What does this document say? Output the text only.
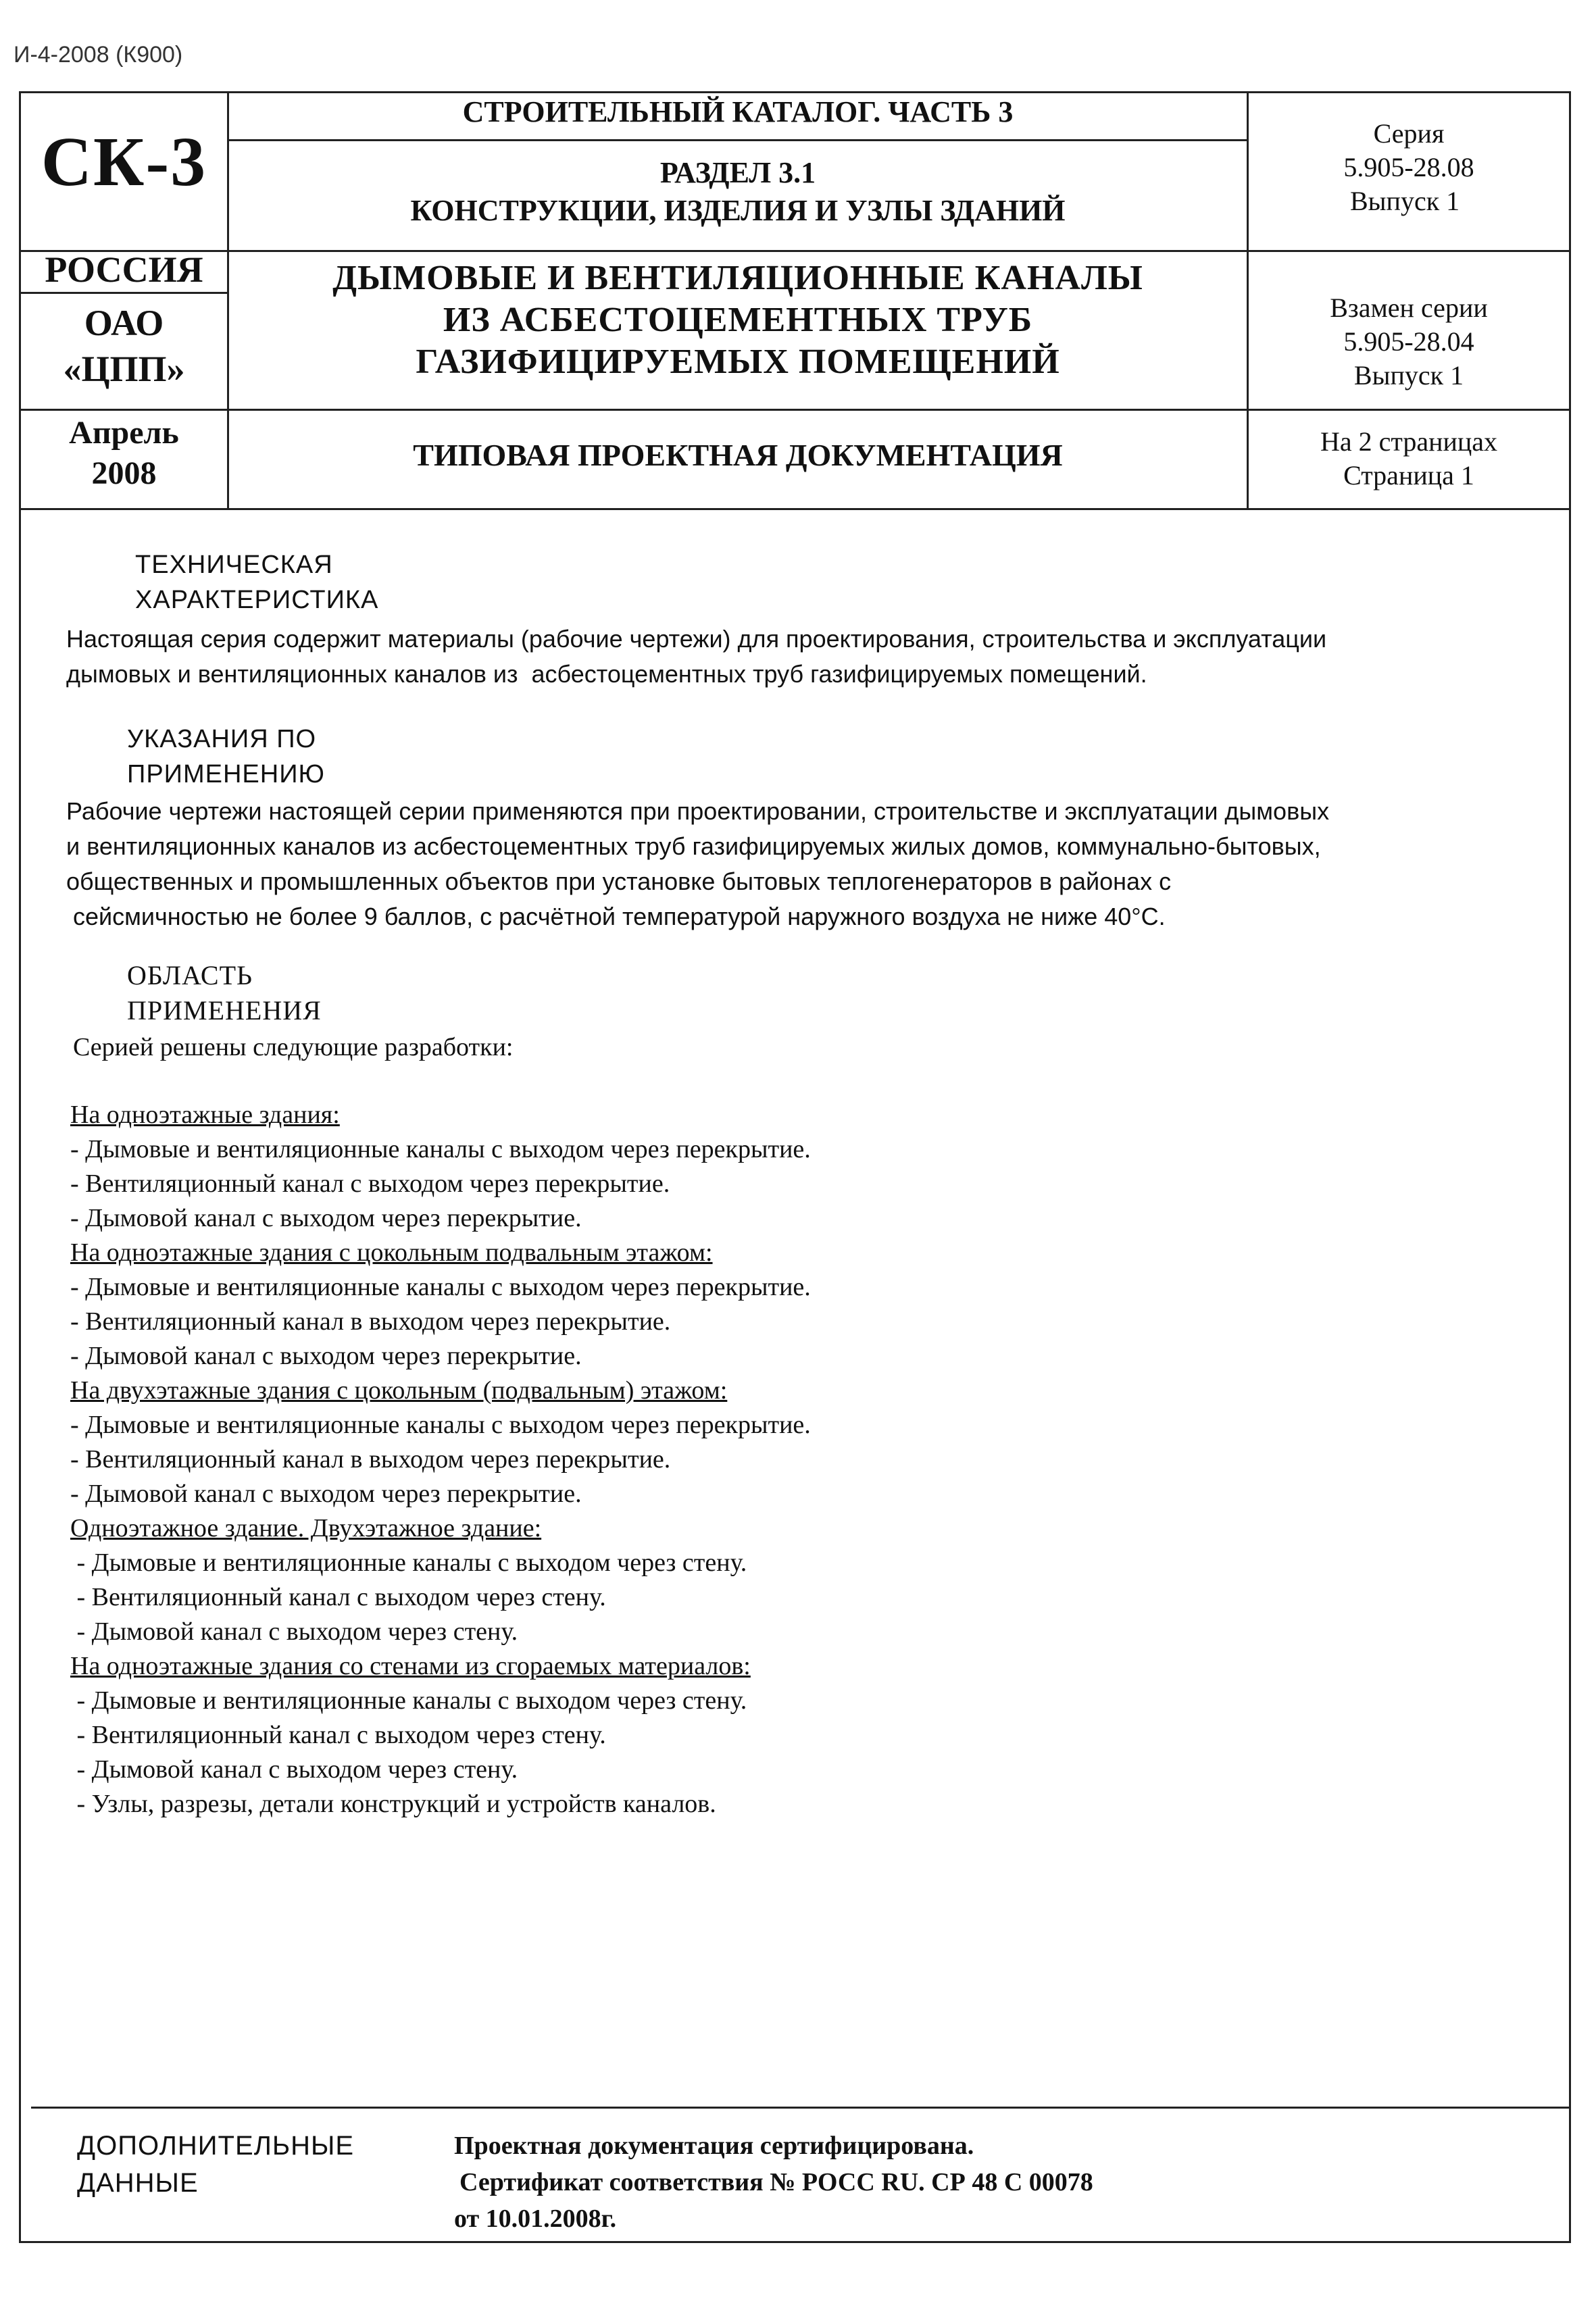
И-4-2008 (К900)
СК-3
СТРОИТЕЛЬНЫЙ КАТАЛОГ. ЧАСТЬ 3
РАЗДЕЛ 3.1
КОНСТРУКЦИИ, ИЗДЕЛИЯ И УЗЛЫ ЗДАНИЙ
Серия
5.905-28.08
Выпуск 1
РОССИЯ
ОАО
«ЦПП»
ДЫМОВЫЕ И ВЕНТИЛЯЦИОННЫЕ КАНАЛЫ
ИЗ АСБЕСТОЦЕМЕНТНЫХ ТРУБ
ГАЗИФИЦИРУЕМЫХ ПОМЕЩЕНИЙ
Взамен серии
5.905-28.04
Выпуск 1
Апрель
2008
ТИПОВАЯ ПРОЕКТНАЯ ДОКУМЕНТАЦИЯ	На 2 страницах
Страница 1
ТЕХНИЧЕСКАЯ
ХАРАКТЕРИСТИКА
Настоящая серия содержит материалы (рабочие чертежи) для проектирования, строительства и эксплуатации
дымовых и вентиляционных каналов из  асбестоцементных труб газифицируемых помещений.
УКАЗАНИЯ ПО
ПРИМЕНЕНИЮ
Рабочие чертежи настоящей серии применяются при проектировании, строительстве и эксплуатации дымовых
и вентиляционных каналов из асбестоцементных труб газифицируемых жилых домов, коммунально-бытовых,
общественных и промышленных объектов при установке бытовых теплогенераторов в районах с
сейсмичностью не более 9 баллов, с расчётной температурой наружного воздуха не ниже 40°С.
ОБЛАСТЬ
ПРИМЕНЕНИЯ
Серией решены следующие разработки:
На одноэтажные здания:
- Дымовые и вентиляционные каналы с выходом через перекрытие.
- Вентиляционный канал с выходом через перекрытие.
- Дымовой канал с выходом через перекрытие.
На одноэтажные здания с цокольным подвальным этажом:
- Дымовые и вентиляционные каналы с выходом через перекрытие.
- Вентиляционный канал в выходом через перекрытие.
- Дымовой канал с выходом через перекрытие.
На двухэтажные здания с цокольным (подвальным) этажом:
- Дымовые и вентиляционные каналы с выходом через перекрытие.
- Вентиляционный канал в выходом через перекрытие.
- Дымовой канал с выходом через перекрытие.
Одноэтажное здание. Двухэтажное здание:
- Дымовые и вентиляционные каналы с выходом через стену.
- Вентиляционный канал с выходом через стену.
- Дымовой канал с выходом через стену.
На одноэтажные здания со стенами из сгораемых материалов:
- Дымовые и вентиляционные каналы с выходом через стену.
- Вентиляционный канал с выходом через стену.
- Дымовой канал с выходом через стену.
- Узлы, разрезы, детали конструкций и устройств каналов.
ДОПОЛНИТЕЛЬНЫЕ
ДАННЫЕ
Проектная документация сертифицирована.
Сертификат соответствия № РОСС RU. СР 48 С 00078
от 10.01.2008г.
